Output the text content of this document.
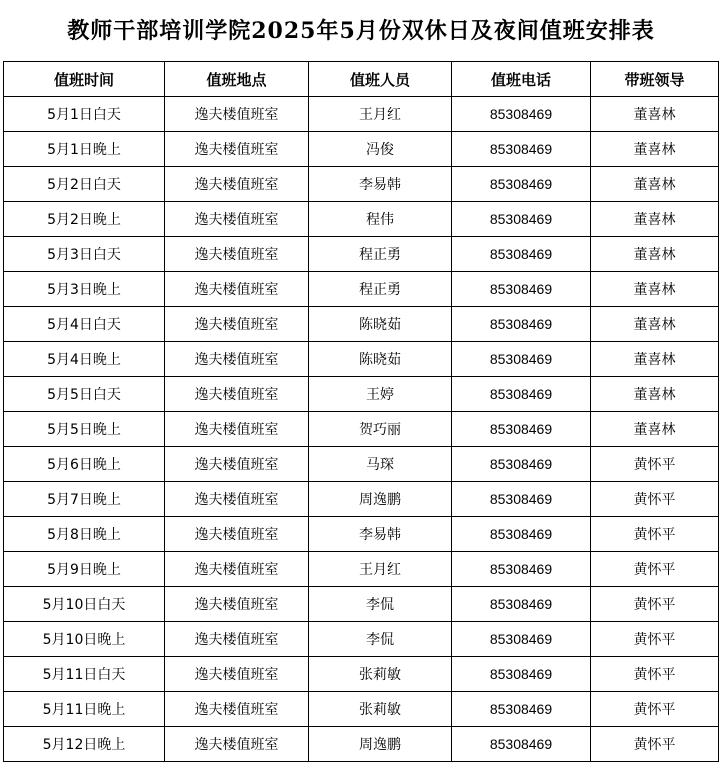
教师干部培训学院2025年5月份双休日及夜间值班安排表
值班时间	值班地点	值班人员	值班电话	带班领导
5月1日白天	逸夫楼值班室	王月红	85308469	董喜林
5月1日晚上	逸夫楼值班室	冯俊	85308469	董喜林
5月2日白天	逸夫楼值班室	李易韩	85308469	董喜林
5月2日晚上	逸夫楼值班室	程伟	85308469	董喜林
5月3日白天	逸夫楼值班室	程正勇	85308469	董喜林
5月3日晚上	逸夫楼值班室	程正勇	85308469	董喜林
5月4日白天	逸夫楼值班室	陈晓茹	85308469	董喜林
5月4日晚上	逸夫楼值班室	陈晓茹	85308469	董喜林
5月5日白天	逸夫楼值班室	王婷	85308469	董喜林
5月5日晚上	逸夫楼值班室	贺巧丽	85308469	董喜林
5月6日晚上	逸夫楼值班室	马琛	85308469	黄怀平
5月7日晚上	逸夫楼值班室	周逸鹏	85308469	黄怀平
5月8日晚上	逸夫楼值班室	李易韩	85308469	黄怀平
5月9日晚上	逸夫楼值班室	王月红	85308469	黄怀平
5月10日白天	逸夫楼值班室	李侃	85308469	黄怀平
5月10日晚上	逸夫楼值班室	李侃	85308469	黄怀平
5月11日白天	逸夫楼值班室	张莉敏	85308469	黄怀平
5月11日晚上	逸夫楼值班室	张莉敏	85308469	黄怀平
5月12日晚上	逸夫楼值班室	周逸鹏	85308469	黄怀平
